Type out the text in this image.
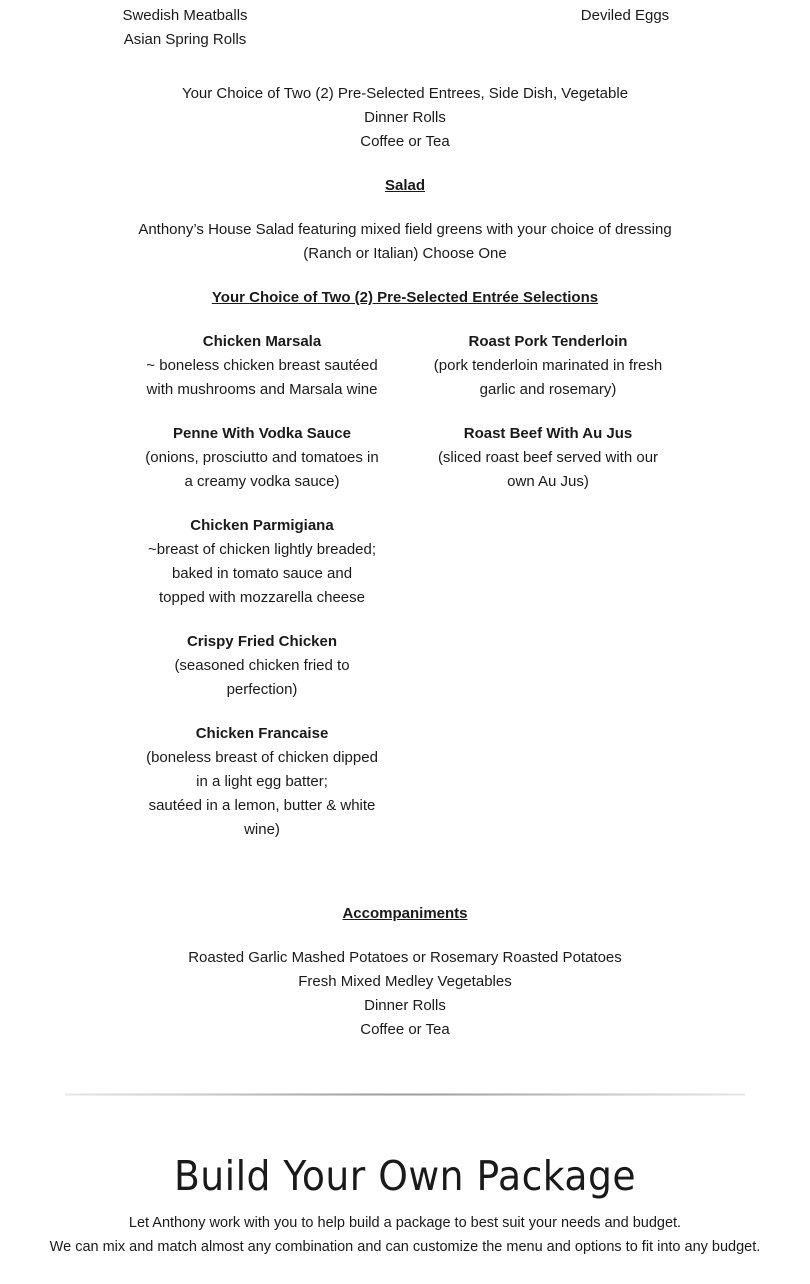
Swedish Meatballs
Asian Spring Rolls
Deviled Eggs
Your Choice of Two (2) Pre-Selected Entrees, Side Dish, Vegetable
Dinner Rolls
Coffee or Tea
Salad
Anthony’s House Salad featuring mixed field greens with your choice of dressing
(Ranch or Italian) Choose One
Your Choice of Two (2) Pre-Selected Entrée Selections
Chicken Marsala
~ boneless chicken breast sautéed
with mushrooms and Marsala wine
Penne With Vodka Sauce
(onions, prosciutto and tomatoes in
a creamy vodka sauce)
Chicken Parmigiana
~breast of chicken lightly breaded;
baked in tomato sauce and
topped with mozzarella cheese
Crispy Fried Chicken
(seasoned chicken fried to
perfection)
Chicken Francaise
(boneless breast of chicken dipped
in a light egg batter;
sautéed in a lemon, butter & white
wine)
Roast Pork Tenderloin
(pork tenderloin marinated in fresh
garlic and rosemary)
Roast Beef With Au Jus
(sliced roast beef served with our
own Au Jus)
Accompaniments
Roasted Garlic Mashed Potatoes or Rosemary Roasted Potatoes
Fresh Mixed Medley Vegetables
Dinner Rolls
Coffee or Tea
Build Your Own Package
Let Anthony work with you to help build a package to best suit your needs and budget.
We can mix and match almost any combination and can customize the menu and options to fit into any budget.
